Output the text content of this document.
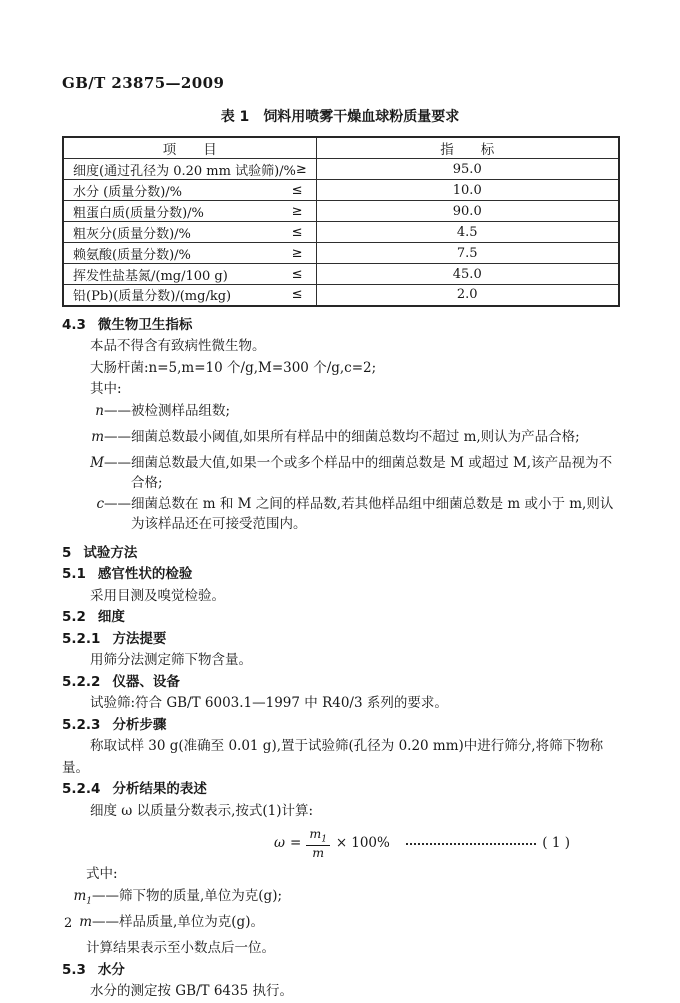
GB/T 23875—2009
表 1 饲料用喷雾干燥血球粉质量要求
项　　目	指　　标

细度(通过孔径为 0.20 mm 试验筛)/% ≥	95.0

水分 (质量分数)/% ≤	10.0

粗蛋白质(质量分数)/% ≥	90.0

粗灰分(质量分数)/% ≤	4.5

赖氨酸(质量分数)/% ≥	7.5

挥发性盐基氮/(mg/100 g) ≤	45.0

铅(Pb)(质量分数)/(mg/kg) ≤	2.0
4.3 微生物卫生指标
本品不得含有致病性微生物。
大肠杆菌:n=5,m=10 个/g,M=300 个/g,c=2;
其中:
n —— 被检测样品组数;
m —— 细菌总数最小阈值,如果所有样品中的细菌总数均不超过 m,则认为产品合格;
M —— 细菌总数最大值,如果一个或多个样品中的细菌总数是 M 或超过 M,该产品视为不合格;
c —— 细菌总数在 m 和 M 之间的样品数,若其他样品组中细菌总数是 m 或小于 m,则认为该样品还在可接受范围内。
5 试验方法
5.1 感官性状的检验
采用目测及嗅觉检验。
5.2 细度
5.2.1 方法提要
用筛分法测定筛下物含量。
5.2.2 仪器、设备
试验筛:符合 GB/T 6003.1—1997 中 R40/3 系列的要求。
5.2.3 分析步骤
称取试样 30 g(准确至 0.01 g),置于试验筛(孔径为 0.20 mm)中进行筛分,将筛下物称量。
5.2.4 分析结果的表述
细度 ω 以质量分数表示,按式(1)计算:
$\omega = \frac{m_1}{m} \times 100\%$	( 1 )
式中:
$m_1$ —— 筛下物的质量,单位为克(g);
m —— 样品质量,单位为克(g)。
计算结果表示至小数点后一位。
5.3 水分
水分的测定按 GB/T 6435 执行。
2
